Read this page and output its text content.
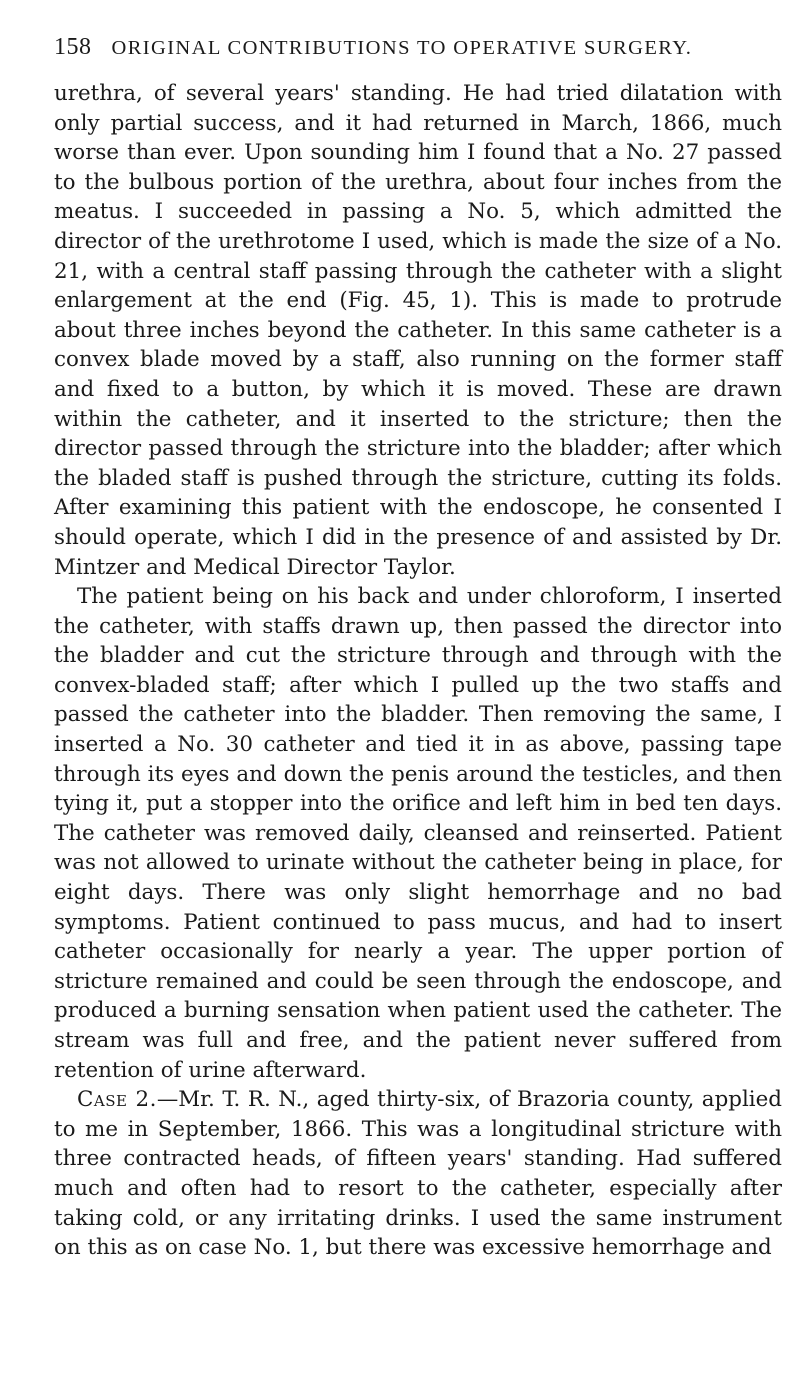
158 ORIGINAL CONTRIBUTIONS TO OPERATIVE SURGERY.

urethra, of several years' standing. He had tried dilatation with only partial success, and it had returned in March, 1866, much worse than ever. Upon sounding him I found that a No. 27 passed to the bulbous portion of the urethra, about four inches from the meatus. I succeeded in passing a No. 5, which admitted the director of the urethrotome I used, which is made the size of a No. 21, with a central staff passing through the catheter with a slight enlargement at the end (Fig. 45, 1). This is made to protrude about three inches beyond the catheter. In this same catheter is a convex blade moved by a staff, also running on the former staff and fixed to a button, by which it is moved. These are drawn within the catheter, and it inserted to the stricture; then the director passed through the stricture into the bladder; after which the bladed staff is pushed through the stricture, cutting its folds. After examining this patient with the endoscope, he consented I should operate, which I did in the presence of and assisted by Dr. Mintzer and Medical Director Taylor.

The patient being on his back and under chloroform, I inserted the catheter, with staffs drawn up, then passed the director into the bladder and cut the stricture through and through with the convex-bladed staff; after which I pulled up the two staffs and passed the catheter into the bladder. Then removing the same, I inserted a No. 30 catheter and tied it in as above, passing tape through its eyes and down the penis around the testicles, and then tying it, put a stopper into the orifice and left him in bed ten days. The catheter was removed daily, cleansed and reinserted. Patient was not allowed to urinate without the catheter being in place, for eight days. There was only slight hemorrhage and no bad symptoms. Patient continued to pass mucus, and had to insert catheter occasionally for nearly a year. The upper portion of stricture remained and could be seen through the endoscope, and produced a burning sensation when patient used the catheter. The stream was full and free, and the patient never suffered from retention of urine afterward.

Case 2.—Mr. T. R. N., aged thirty-six, of Brazoria county, applied to me in September, 1866. This was a longitudinal stricture with three contracted heads, of fifteen years' standing. Had suffered much and often had to resort to the catheter, especially after taking cold, or any irritating drinks. I used the same instrument on this as on case No. 1, but there was excessive hemorrhage and
